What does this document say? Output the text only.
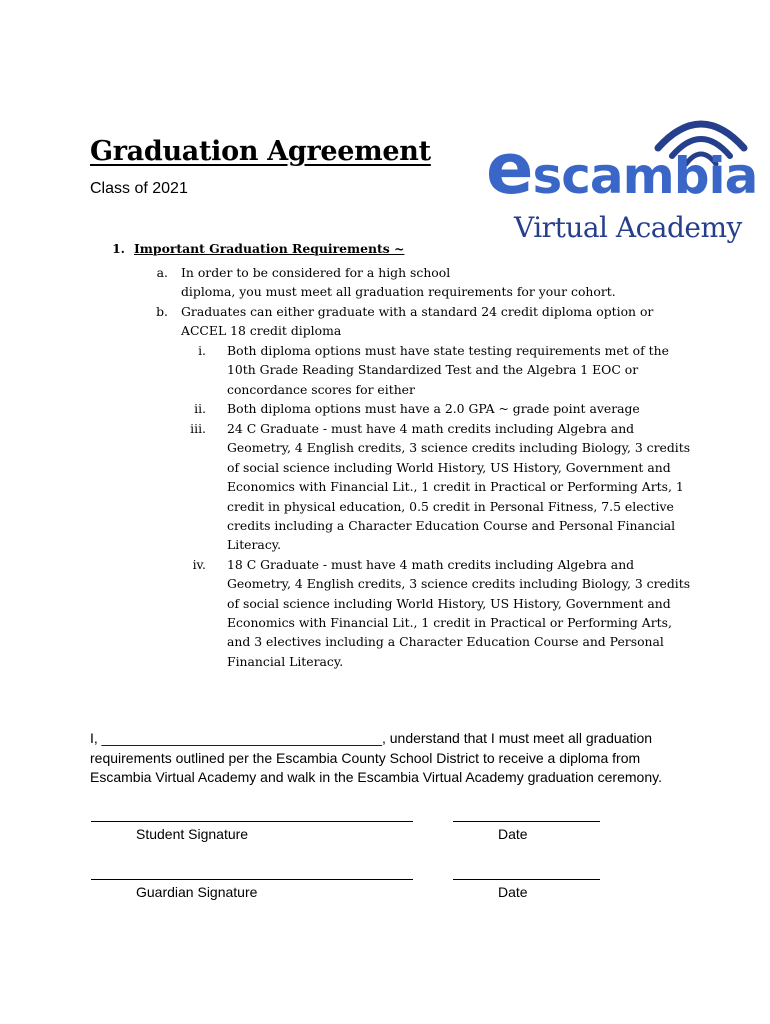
Graduation Agreement
Class of 2021	escambia
Virtual Academy
Important Graduation Requirements ~
1.
a. In order to be considered for a high school
diploma, you must meet all graduation requirements for your cohort.
b. Graduates can either graduate with a standard 24 credit diploma option or
ACCEL 18 credit diploma
i. Both diploma options must have state testing requirements met of the
10th Grade Reading Standardized Test and the Algebra 1 EOC or
concordance scores for either
ii. Both diploma options must have a 2.0 GPA ~ grade point average
iii. 24 C Graduate - must have 4 math credits including Algebra and
Geometry, 4 English credits, 3 science credits including Biology, 3 credits
of social science including World History, US History, Government and
Economics with Financial Lit., 1 credit in Practical or Performing Arts, 1
credit in physical education, 0.5 credit in Personal Fitness, 7.5 elective
credits including a Character Education Course and Personal Financial
Literacy.
iv. 18 C Graduate - must have 4 math credits including Algebra and
Geometry, 4 English credits, 3 science credits including Biology, 3 credits
of social science including World History, US History, Government and
Economics with Financial Lit., 1 credit in Practical or Performing Arts,
and 3 electives including a Character Education Course and Personal
Financial Literacy.
I, ____________________________________, understand that I must meet all graduation
requirements outlined per the Escambia County School District to receive a diploma from
Escambia Virtual Academy and walk in the Escambia Virtual Academy graduation ceremony.
Student Signature	Date
Guardian Signature	Date
